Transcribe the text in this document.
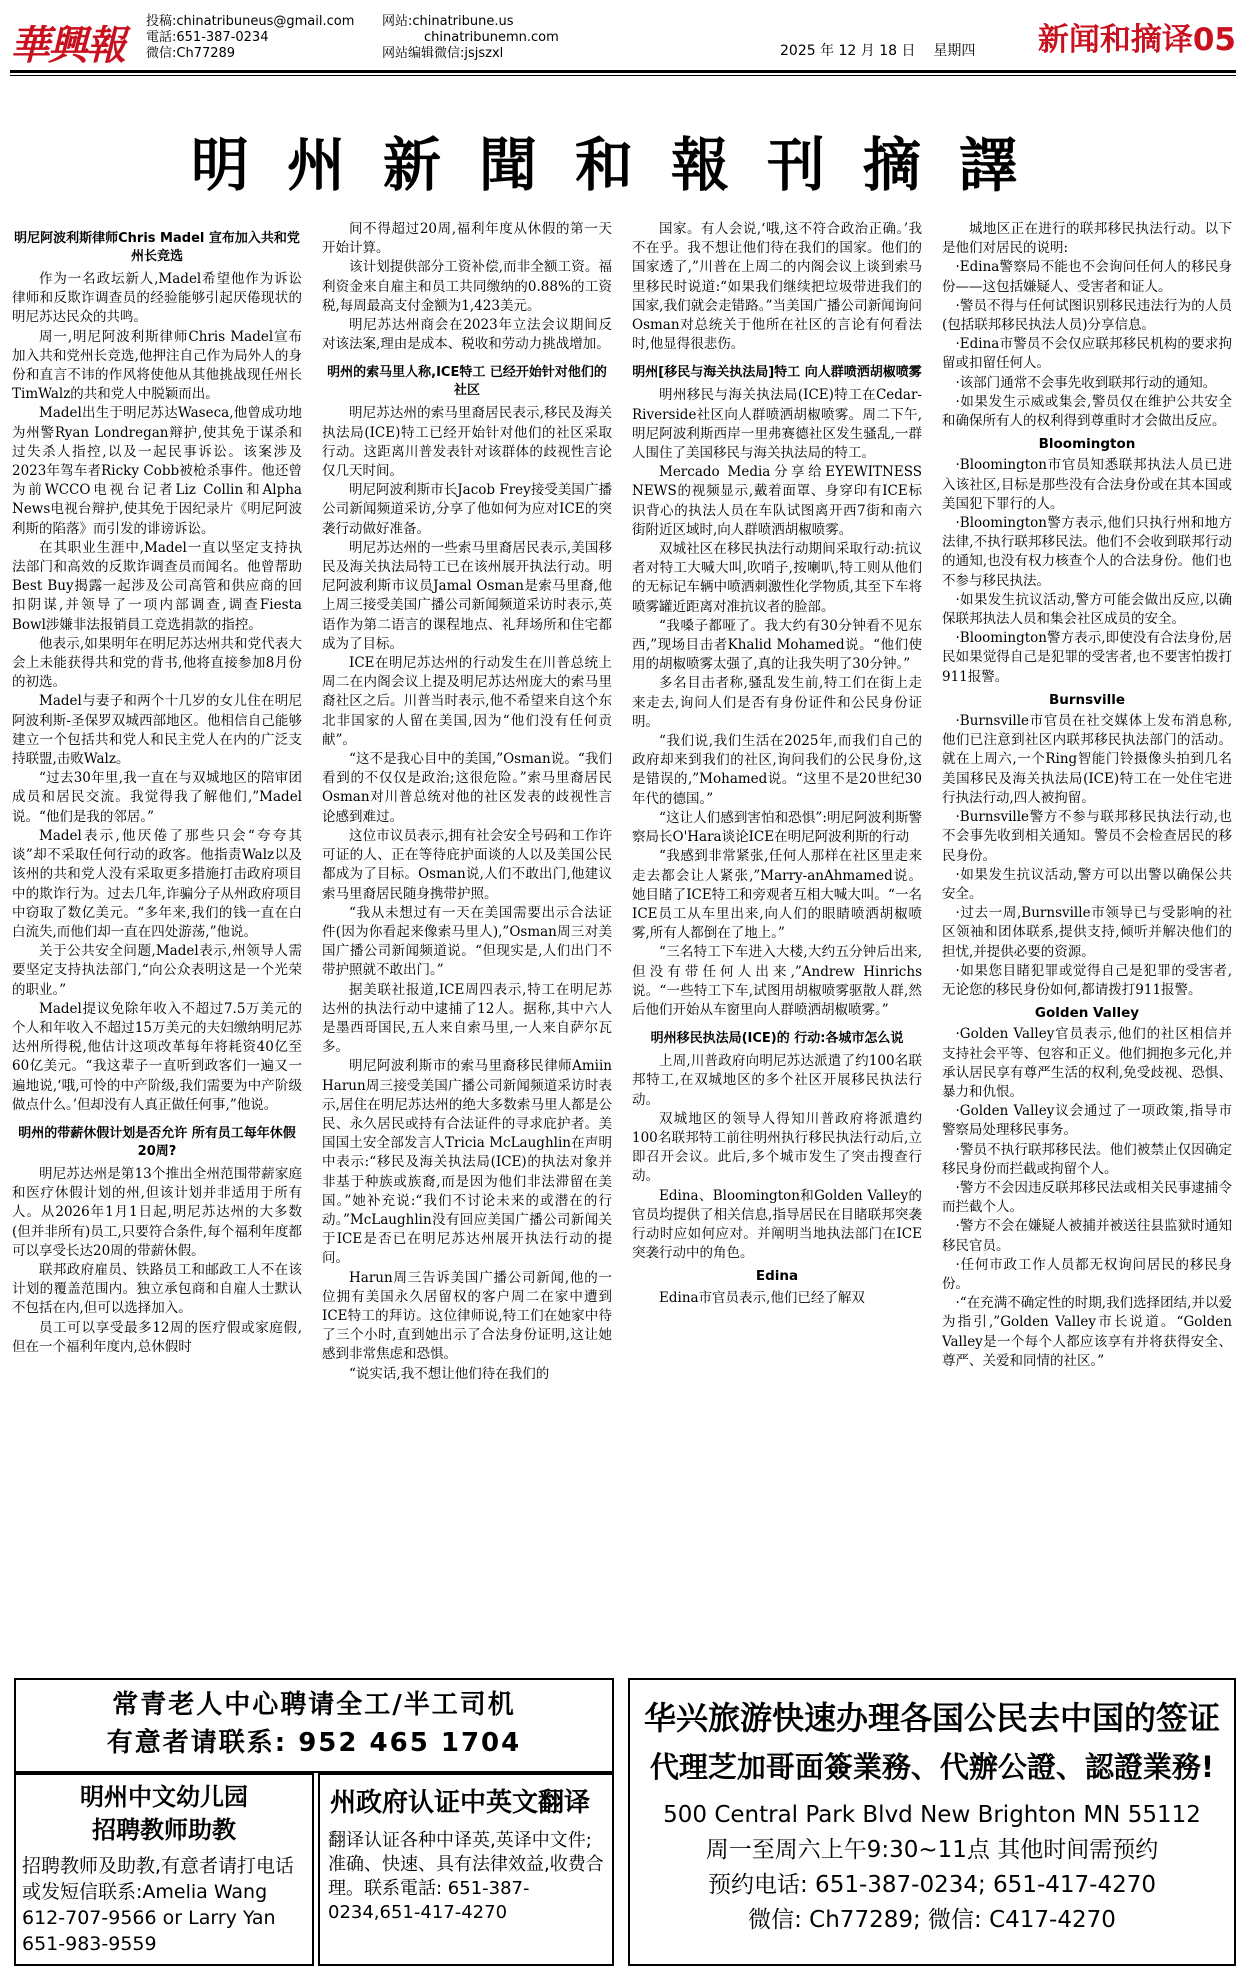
華興報
投稿:chinatribuneus@gmail.com
電話:651-387-0234
微信:Ch77289
网站:chinatribune.us
chinatribunemn.com
网站编辑微信:jsjszxl	2025 年 12 月 18 日 星期四 新闻和摘译05
明州新聞和報刊摘譯
明尼阿波利斯律师Chris Madel 宣布加入共和党州长竞选

作为一名政坛新人,Madel希望他作为诉讼律师和反欺诈调查员的经验能够引起厌倦现状的明尼苏达民众的共鸣。

周一,明尼阿波利斯律师Chris Madel宣布加入共和党州长竞选,他押注自己作为局外人的身份和直言不讳的作风将使他从其他挑战现任州长TimWalz的共和党人中脱颖而出。

Madel出生于明尼苏达Waseca,他曾成功地为州警Ryan Londregan辩护,使其免于谋杀和过失杀人指控,以及一起民事诉讼。该案涉及2023年驾车者Ricky Cobb被枪杀事件。他还曾为前WCCO电视台记者Liz Collin和Alpha News电视台辩护,使其免于因纪录片《明尼阿波利斯的陷落》而引发的诽谤诉讼。

在其职业生涯中,Madel一直以坚定支持执法部门和高效的反欺诈调查员而闻名。他曾帮助Best Buy揭露一起涉及公司高管和供应商的回扣阴谋,并领导了一项内部调查,调查Fiesta Bowl涉嫌非法报销員工竞选捐款的指控。

他表示,如果明年在明尼苏达州共和党代表大会上未能获得共和党的背书,他将直接参加8月份的初选。

Madel与妻子和两个十几岁的女儿住在明尼阿波利斯-圣保罗双城西部地区。他相信自己能够建立一个包括共和党人和民主党人在内的广泛支持联盟,击败Walz。

“过去30年里,我一直在与双城地区的陪审团成员和居民交流。我觉得我了解他们,”Madel说。“他们是我的邻居。”

Madel表示,他厌倦了那些只会“夸夸其谈”却不采取任何行动的政客。他指责Walz以及该州的共和党人没有采取更多措施打击政府项目中的欺诈行为。过去几年,诈骗分子从州政府项目中窃取了数亿美元。“多年来,我们的钱一直在白白流失,而他们却一直在四处游荡,”他说。

关于公共安全问题,Madel表示,州领导人需要坚定支持执法部门,“向公众表明这是一个光荣的职业。”

Madel提议免除年收入不超过7.5万美元的个人和年收入不超过15万美元的夫妇缴纳明尼苏达州所得税,他估计这项改革每年将耗资40亿至60亿美元。“我这辈子一直听到政客们一遍又一遍地说,‘哦,可怜的中产阶级,我们需要为中产阶级做点什么。’但却没有人真正做任何事,”他说。

明州的带薪休假计划是否允许 所有员工每年休假20周?

明尼苏达州是第13个推出全州范围带薪家庭和医疗休假计划的州,但该计划并非适用于所有人。从2026年1月1日起,明尼苏达州的大多数(但并非所有)员工,只要符合条件,每个福利年度都可以享受长达20周的带薪休假。

联邦政府雇员、铁路员工和邮政工人不在该计划的覆盖范围内。独立承包商和自雇人士默认不包括在内,但可以选择加入。

员工可以享受最多12周的医疗假或家庭假,但在一个福利年度内,总休假时

间不得超过20周,福利年度从休假的第一天开始计算。

该计划提供部分工资补偿,而非全额工资。福利资金来自雇主和员工共同缴纳的0.88%的工资税,每周最高支付金额为1,423美元。

明尼苏达州商会在2023年立法会议期间反对该法案,理由是成本、税收和劳动力挑战增加。

明州的索马里人称,ICE特工 已经开始针对他们的社区

明尼苏达州的索马里裔居民表示,移民及海关执法局(ICE)特工已经开始针对他们的社区采取行动。这距离川普发表针对该群体的歧视性言论仅几天时间。

明尼阿波利斯市长Jacob Frey接受美国广播公司新闻频道采访,分享了他如何为应对ICE的突袭行动做好准备。

明尼苏达州的一些索马里裔居民表示,美国移民及海关执法局特工已在该州展开执法行动。明尼阿波利斯市议员Jamal Osman是索马里裔,他上周三接受美国广播公司新闻频道采访时表示,英语作为第二语言的课程地点、礼拜场所和住宅都成为了目标。

ICE在明尼苏达州的行动发生在川普总统上周二在内阁会议上提及明尼苏达州庞大的索马里裔社区之后。川普当时表示,他不希望来自这个东北非国家的人留在美国,因为“他们没有任何贡献”。

“这不是我心目中的美国,”Osman说。“我们看到的不仅仅是政治;这很危险。”索马里裔居民Osman对川普总统对他的社区发表的歧视性言论感到难过。

这位市议员表示,拥有社会安全号码和工作许可证的人、正在等待庇护面谈的人以及美国公民都成为了目标。Osman说,人们不敢出门,他建议索马里裔居民随身携带护照。

“我从未想过有一天在美国需要出示合法证件(因为你看起来像索马里人),”Osman周三对美国广播公司新闻频道说。“但现实是,人们出门不带护照就不敢出门。”

据美联社报道,ICE周四表示,特工在明尼苏达州的执法行动中逮捕了12人。据称,其中六人是墨西哥国民,五人来自索马里,一人来自萨尔瓦多。

明尼阿波利斯市的索马里裔移民律师Amiin Harun周三接受美国广播公司新闻频道采访时表示,居住在明尼苏达州的绝大多数索马里人都是公民、永久居民或持有合法证件的寻求庇护者。美国国土安全部发言人Tricia McLaughlin在声明中表示:“移民及海关执法局(ICE)的执法对象并非基于种族或族裔,而是因为他们非法滞留在美国。”她补充说:“我们不讨论未来的或潜在的行动。”McLaughlin没有回应美国广播公司新闻关于ICE是否已在明尼苏达州展开执法行动的提问。

Harun周三告诉美国广播公司新闻,他的一位拥有美国永久居留权的客户周二在家中遭到ICE特工的拜访。这位律师说,特工们在她家中待了三个小时,直到她出示了合法身份证明,这让她感到非常焦虑和恐惧。

“说实话,我不想让他们待在我们的

国家。有人会说,‘哦,这不符合政治正确。’我不在乎。我不想让他们待在我们的国家。他们的国家透了,”川普在上周二的内阁会议上谈到索马里移民时说道:“如果我们继续把垃圾带进我们的国家,我们就会走错路。”当美国广播公司新闻询问Osman对总统关于他所在社区的言论有何看法时,他显得很悲伤。

明州[移民与海关执法局]特工 向人群喷洒胡椒喷雾

明州移民与海关执法局(ICE)特工在Cedar-Riverside社区向人群喷洒胡椒喷雾。周二下午,明尼阿波利斯西岸一里弗赛德社区发生骚乱,一群人围住了美国移民与海关执法局的特工。

Mercado Media分享给EYEWITNESS NEWS的视频显示,戴着面罩、身穿印有ICE标识背心的执法人员在车队试图离开西7街和南六街附近区域时,向人群喷洒胡椒喷雾。

双城社区在移民执法行动期间采取行动:抗议者对特工大喊大叫,吹哨子,按喇叭,特工则从他们的无标记车辆中喷洒刺激性化学物质,其至下车将喷雾罐近距离对准抗议者的脸部。

“我嗓子都哑了。我大约有30分钟看不见东西,”现场目击者Khalid Mohamed说。“他们使用的胡椒喷雾太强了,真的让我失明了30分钟。”

多名目击者称,骚乱发生前,特工们在街上走来走去,询问人们是否有身份证件和公民身份证明。

“我们说,我们生活在2025年,而我们自己的政府却来到我们的社区,询问我们的公民身份,这是错误的,”Mohamed说。“这里不是20世纪30年代的德国。”

“这让人们感到害怕和恐惧”:明尼阿波利斯警察局长O'Hara谈论ICE在明尼阿波利斯的行动

“我感到非常紧张,任何人那样在社区里走来走去都会让人紧张,”Marry-anAhmamed说。她目睹了ICE特工和旁观者互相大喊大叫。“一名ICE员工从车里出来,向人们的眼睛喷洒胡椒喷雾,所有人都倒在了地上。”

“三名特工下车进入大楼,大约五分钟后出来,但没有带任何人出来,”Andrew Hinrichs说。“一些特工下车,试图用胡椒喷雾驱散人群,然后他们开始从车窗里向人群喷洒胡椒喷雾。”

明州移民执法局(ICE)的 行动:各城市怎么说

上周,川普政府向明尼苏达派遣了约100名联邦特工,在双城地区的多个社区开展移民执法行动。

双城地区的领导人得知川普政府将派遣约100名联邦特工前往明州执行移民执法行动后,立即召开会议。此后,多个城市发生了突击搜查行动。

Edina、Bloomington和Golden Valley的官员均提供了相关信息,指导居民在目睹联邦突袭行动时应如何应对。并阐明当地执法部门在ICE突袭行动中的角色。

Edina

Edina市官员表示,他们已经了解双

城地区正在进行的联邦移民执法行动。以下是他们对居民的说明:

·Edina警察局不能也不会询问任何人的移民身份——这包括嫌疑人、受害者和证人。

·警员不得与任何试图识别移民违法行为的人员(包括联邦移民执法人员)分享信息。

·Edina市警员不会仅应联邦移民机构的要求拘留或扣留任何人。

·该部门通常不会事先收到联邦行动的通知。

·如果发生示威或集会,警员仅在维护公共安全和确保所有人的权利得到尊重时才会做出反应。

Bloomington

·Bloomington市官员知悉联邦执法人员已进入该社区,目标是那些没有合法身份或在其本国或美国犯下罪行的人。

·Bloomington警方表示,他们只执行州和地方法律,不执行联邦移民法。他们不会收到联邦行动的通知,也没有权力核查个人的合法身份。他们也不参与移民执法。

·如果发生抗议活动,警方可能会做出反应,以确保联邦执法人员和集会社区成员的安全。

·Bloomington警方表示,即使没有合法身份,居民如果觉得自己是犯罪的受害者,也不要害怕拨打911报警。

Burnsville

·Burnsville市官员在社交媒体上发布消息称,他们已注意到社区内联邦移民执法部门的活动。就在上周六,一个Ring智能门铃摄像头拍到几名美国移民及海关执法局(ICE)特工在一处住宅进行执法行动,四人被拘留。

·Burnsville警方不参与联邦移民执法行动,也不会事先收到相关通知。警员不会检查居民的移民身份。

·如果发生抗议活动,警方可以出警以确保公共安全。

·过去一周,Burnsville市领导已与受影响的社区领袖和团体联系,提供支持,倾听并解决他们的担忧,并提供必要的资源。

·如果您目睹犯罪或觉得自己是犯罪的受害者,无论您的移民身份如何,都请拨打911报警。

Golden Valley

·Golden Valley官员表示,他们的社区相信并支持社会平等、包容和正义。他们拥抱多元化,并承认居民享有尊严生活的权利,免受歧视、恐惧、暴力和仇恨。

·Golden Valley议会通过了一项政策,指导市警察局处理移民事务。

·警员不执行联邦移民法。他们被禁止仅因确定移民身份而拦截或拘留个人。

·警方不会因违反联邦移民法或相关民事逮捕令而拦截个人。

·警方不会在嫌疑人被捕并被送往县监狱时通知移民官员。

·任何市政工作人员都无权询问居民的移民身份。

·“在充满不确定性的时期,我们选择团结,并以爱为指引,”Golden Valley市长说道。“Golden Valley是一个每个人都应该享有并将获得安全、尊严、关爱和同情的社区。”

常青老人中心聘请全工/半工司机
有意者请联系: 952 465 1704
明州中文幼儿园
招聘教师助教
招聘教师及助教,有意者请打电话或发短信联系:Amelia Wang 612-707-9566 or Larry Yan 651-983-9559
州政府认证中英文翻译
翻译认证各种中译英,英译中文件;准确、快速、具有法律效益,收费合理。联系電話: 651-387-0234,651-417-4270
华兴旅游快速办理各国公民去中国的签证
代理芝加哥面簽業務、代辦公證、認證業務!
500 Central Park Blvd New Brighton MN 55112
周一至周六上午9:30~11点 其他时间需预约
预约电话: 651-387-0234; 651-417-4270
微信: Ch77289; 微信: C417-4270
